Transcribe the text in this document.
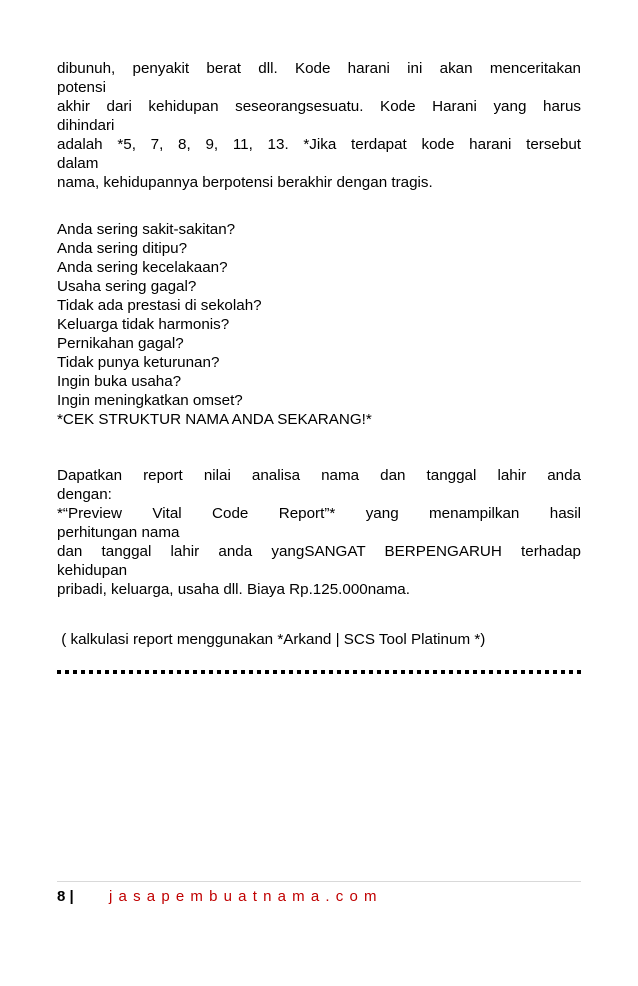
dibunuh, penyakit berat dll. Kode harani ini akan menceritakan
potensi
akhir dari kehidupan seseorangsesuatu. Kode Harani yang harus
dihindari
adalah *5, 7, 8, 9, 11, 13. *Jika terdapat kode harani tersebut
dalam
nama, kehidupannya berpotensi berakhir dengan tragis.
Anda sering sakit-sakitan?
Anda sering ditipu?
Anda sering kecelakaan?
Usaha sering gagal?
Tidak ada prestasi di sekolah?
Keluarga tidak harmonis?
Pernikahan gagal?
Tidak punya keturunan?
Ingin buka usaha?
Ingin meningkatkan omset?
*CEK STRUKTUR NAMA ANDA SEKARANG!*
Dapatkan report nilai analisa nama dan tanggal lahir anda
dengan:
*“Preview Vital Code Report”* yang menampilkan hasil
perhitungan nama
dan tanggal lahir anda yangSANGAT BERPENGARUH terhadap
kehidupan
pribadi, keluarga, usaha dll. Biaya Rp.125.000nama.
( kalkulasi report menggunakan *Arkand | SCS Tool Platinum *)
8 | jasapembuatnama.com
